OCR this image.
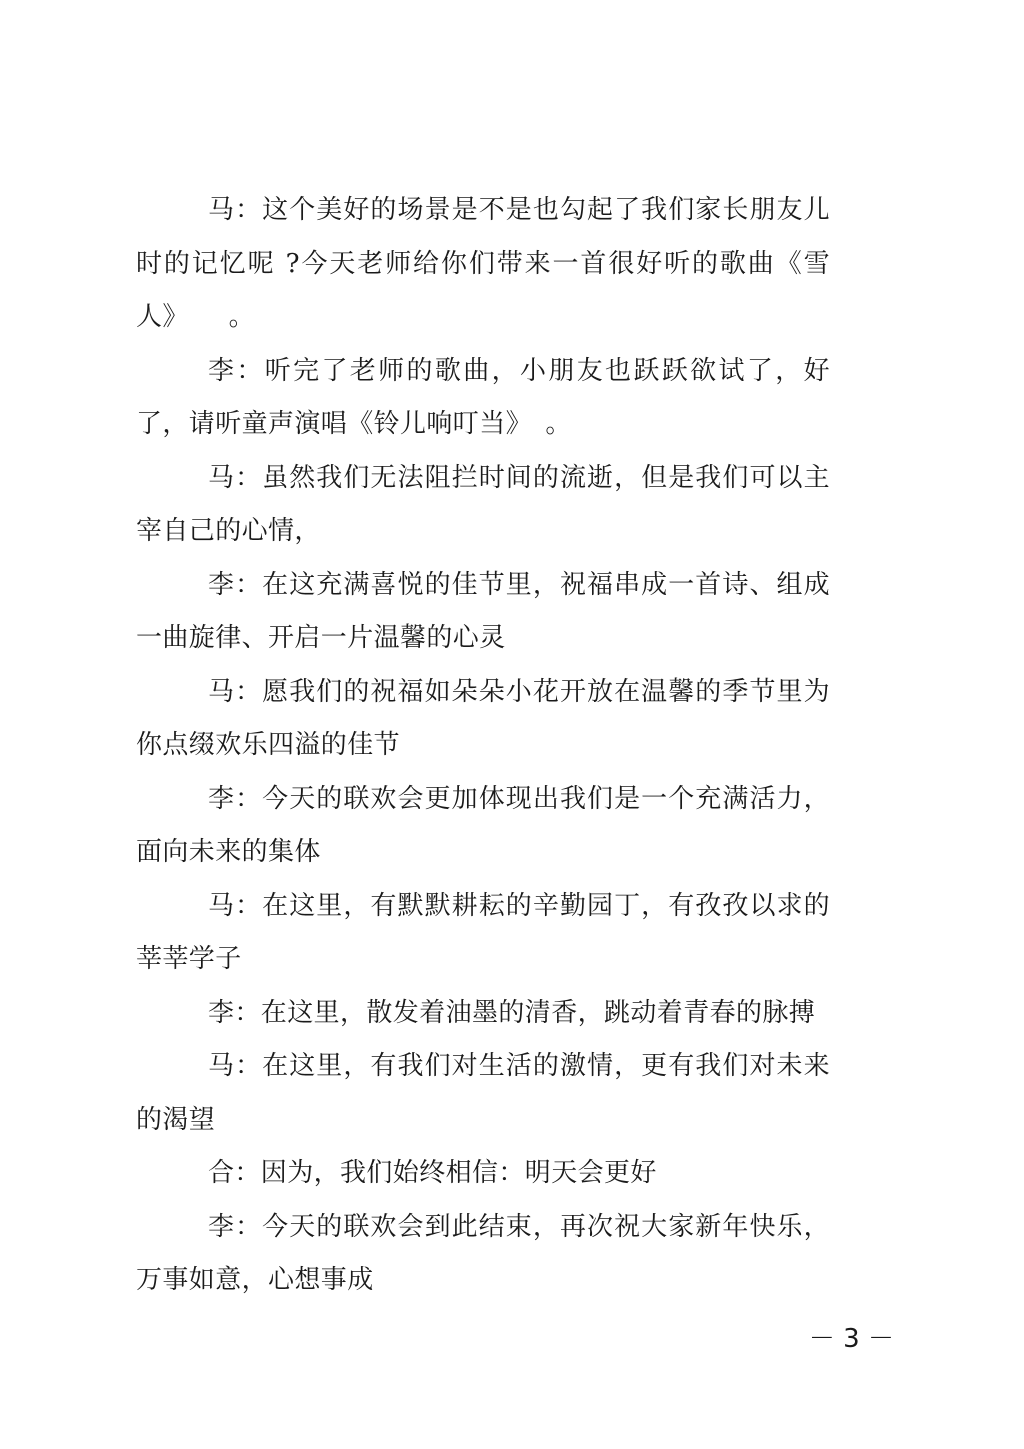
马：这个美好的场景是不是也勾起了我们家长朋友儿时的记忆呢 ?今天老师给你们带来一首很好听的歌曲《雪人》　　。

李：听完了老师的歌曲，小朋友也跃跃欲试了，好了，请听童声演唱《铃儿响叮当》　。

马：虽然我们无法阻拦时间的流逝，但是我们可以主宰自己的心情，

李：在这充满喜悦的佳节里，祝福串成一首诗、组成一曲旋律、开启一片温馨的心灵

马：愿我们的祝福如朵朵小花开放在温馨的季节里为你点缀欢乐四溢的佳节

李：今天的联欢会更加体现出我们是一个充满活力，面向未来的集体

马：在这里，有默默耕耘的辛勤园丁，有孜孜以求的莘莘学子

李：在这里，散发着油墨的清香，跳动着青春的脉搏

马：在这里，有我们对生活的激情，更有我们对未来的渴望

合：因为，我们始终相信：明天会更好

李：今天的联欢会到此结束，再次祝大家新年快乐，万事如意，心想事成

－ 3 －
